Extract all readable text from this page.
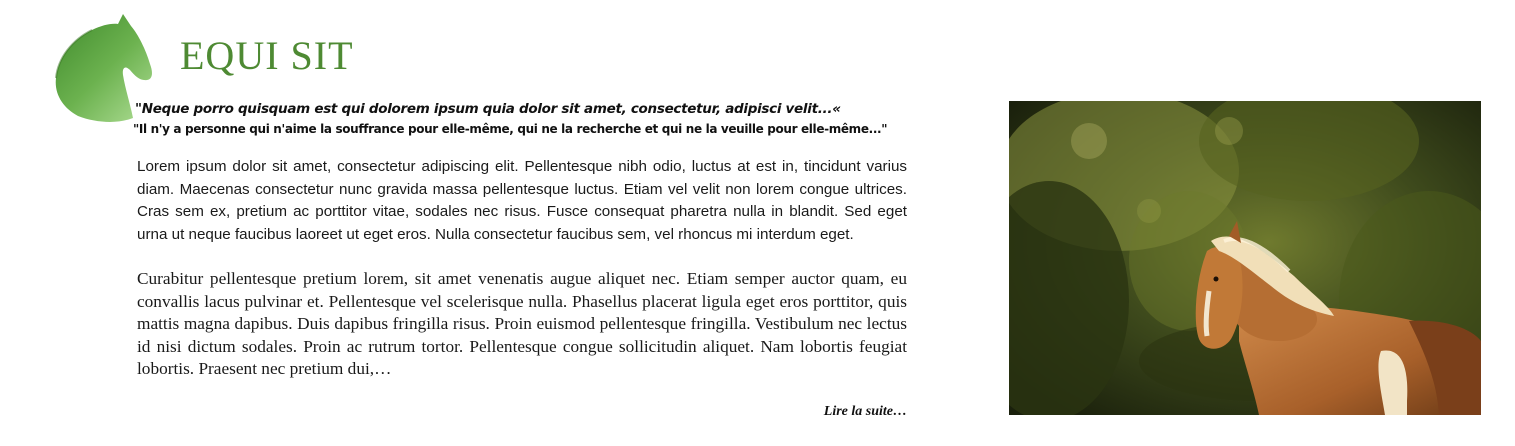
EQUI SIT
"Neque porro quisquam est qui dolorem ipsum quia dolor sit amet, consectetur, adipisci velit...«
"Il n'y a personne qui n'aime la souffrance pour elle-même, qui ne la recherche et qui ne la veuille pour elle-même..."

Lorem ipsum dolor sit amet, consectetur adipiscing elit. Pellentesque nibh odio, luctus at est in, tincidunt varius diam. Maecenas consectetur nunc gravida massa pellentesque luctus. Etiam vel velit non lorem congue ultrices. Cras sem ex, pretium ac porttitor vitae, sodales nec risus. Fusce consequat pharetra nulla in blandit. Sed eget urna ut neque faucibus laoreet ut eget eros. Nulla consectetur faucibus sem, vel rhoncus mi interdum eget.

Curabitur pellentesque pretium lorem, sit amet venenatis augue aliquet nec. Etiam semper auctor quam, eu convallis lacus pulvinar et. Pellentesque vel scelerisque nulla. Phasellus placerat ligula eget eros porttitor, quis mattis magna dapibus. Duis dapibus fringilla risus. Proin euismod pellentesque fringilla. Vestibulum nec lectus id nisi dictum sodales. Proin ac rutrum tortor. Pellentesque congue sollicitudin aliquet. Nam lobortis feugiat lobortis. Praesent nec pretium dui,…

Lire la suite…
